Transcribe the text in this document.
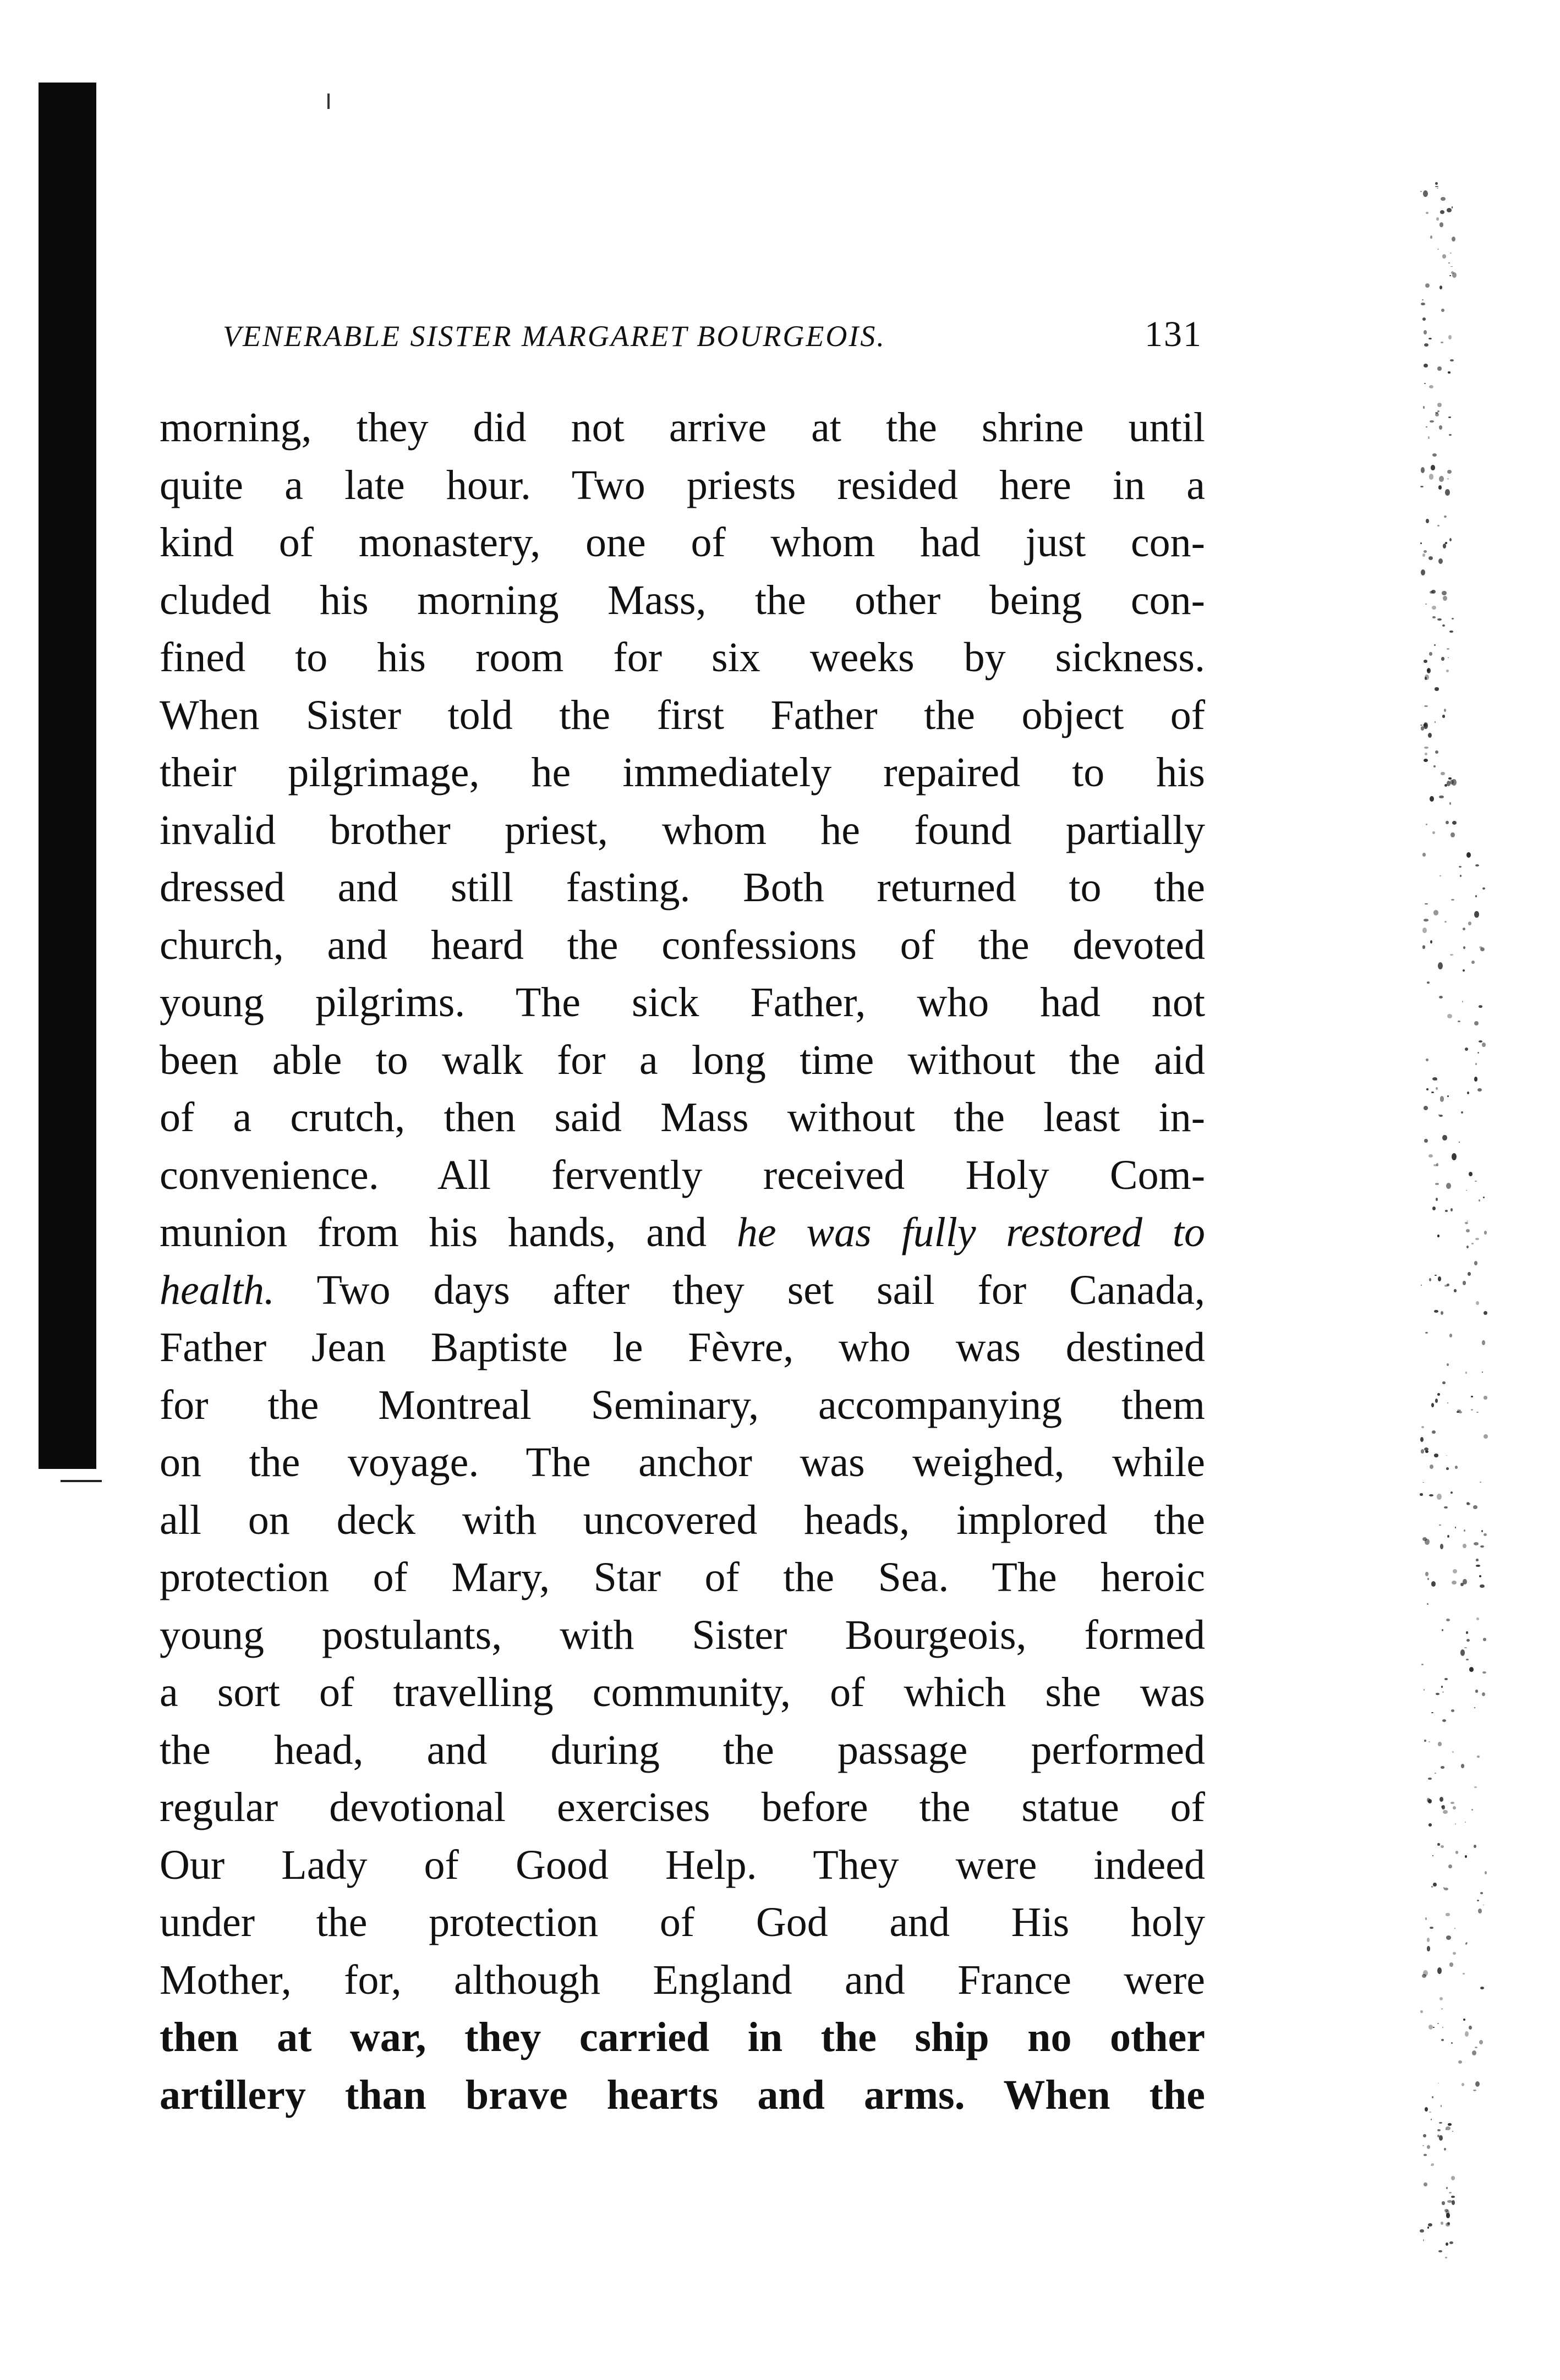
VENERABLE SISTER MARGARET BOURGEOIS.	131
morning, they did not arrive at the shrine until
quite a late hour. Two priests resided here in a
kind of monastery, one of whom had just con-
cluded his morning Mass, the other being con-
fined to his room for six weeks by sickness.
When Sister told the first Father the object of
their pilgrimage, he immediately repaired to his
invalid brother priest, whom he found partially
dressed and still fasting. Both returned to the
church, and heard the confessions of the devoted
young pilgrims. The sick Father, who had not
been able to walk for a long time without the aid
of a crutch, then said Mass without the least in-
convenience. All fervently received Holy Com-
munion from his hands, and he was fully restored to
health. Two days after they set sail for Canada,
Father Jean Baptiste le Fèvre, who was destined
for the Montreal Seminary, accompanying them
on the voyage. The anchor was weighed, while
all on deck with uncovered heads, implored the
protection of Mary, Star of the Sea. The heroic
young postulants, with Sister Bourgeois, formed
a sort of travelling community, of which she was
the head, and during the passage performed
regular devotional exercises before the statue of
Our Lady of Good Help. They were indeed
under the protection of God and His holy
Mother, for, although England and France were
then at war, they carried in the ship no other
artillery than brave hearts and arms. When the
